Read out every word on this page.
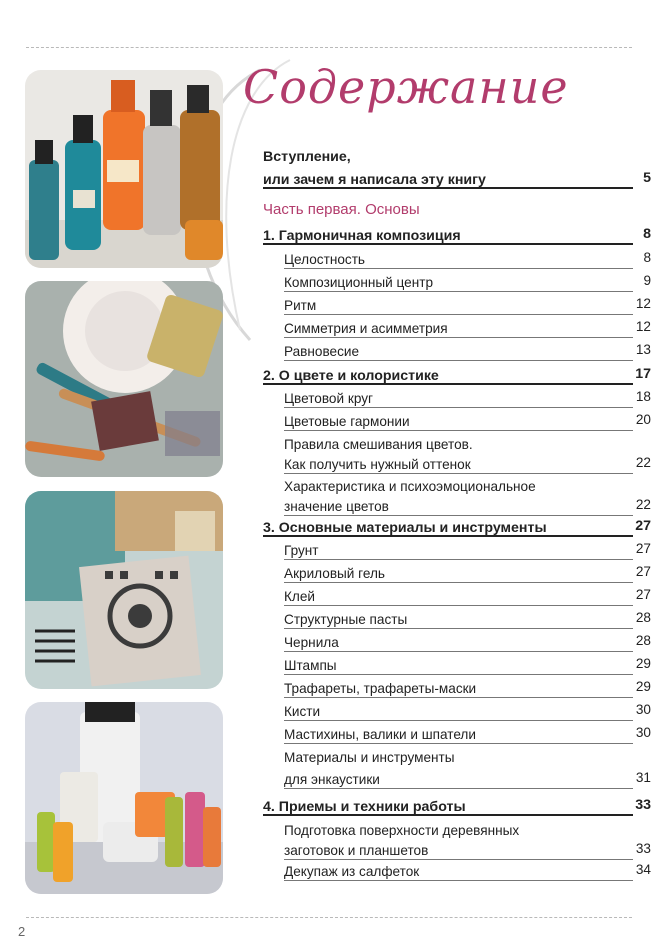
Содержание
Вступление,
или зачем я написала эту книгу	5
Часть первая. Основы
1. Гармоничная композиция	8
Целостность	8
Композиционный центр	9
Ритм	12
Симметрия и асимметрия	12
Равновесие	13
2. О цвете и колористике	17
Цветовой круг	18
Цветовые гармонии	20
Правила смешивания цветов.
Как получить нужный оттенок	22
Характеристика и психоэмоциональное
значение цветов	22
3. Основные материалы и инструменты	27
Грунт	27
Акриловый гель	27
Клей	27
Структурные пасты	28
Чернила	28
Штампы	29
Трафареты, трафареты-маски	29
Кисти	30
Мастихины, валики и шпатели	30
Материалы и инструменты
для энкаустики	31
4. Приемы и техники работы	33
Подготовка поверхности деревянных
заготовок и планшетов	33
Декупаж из салфеток	34
2
